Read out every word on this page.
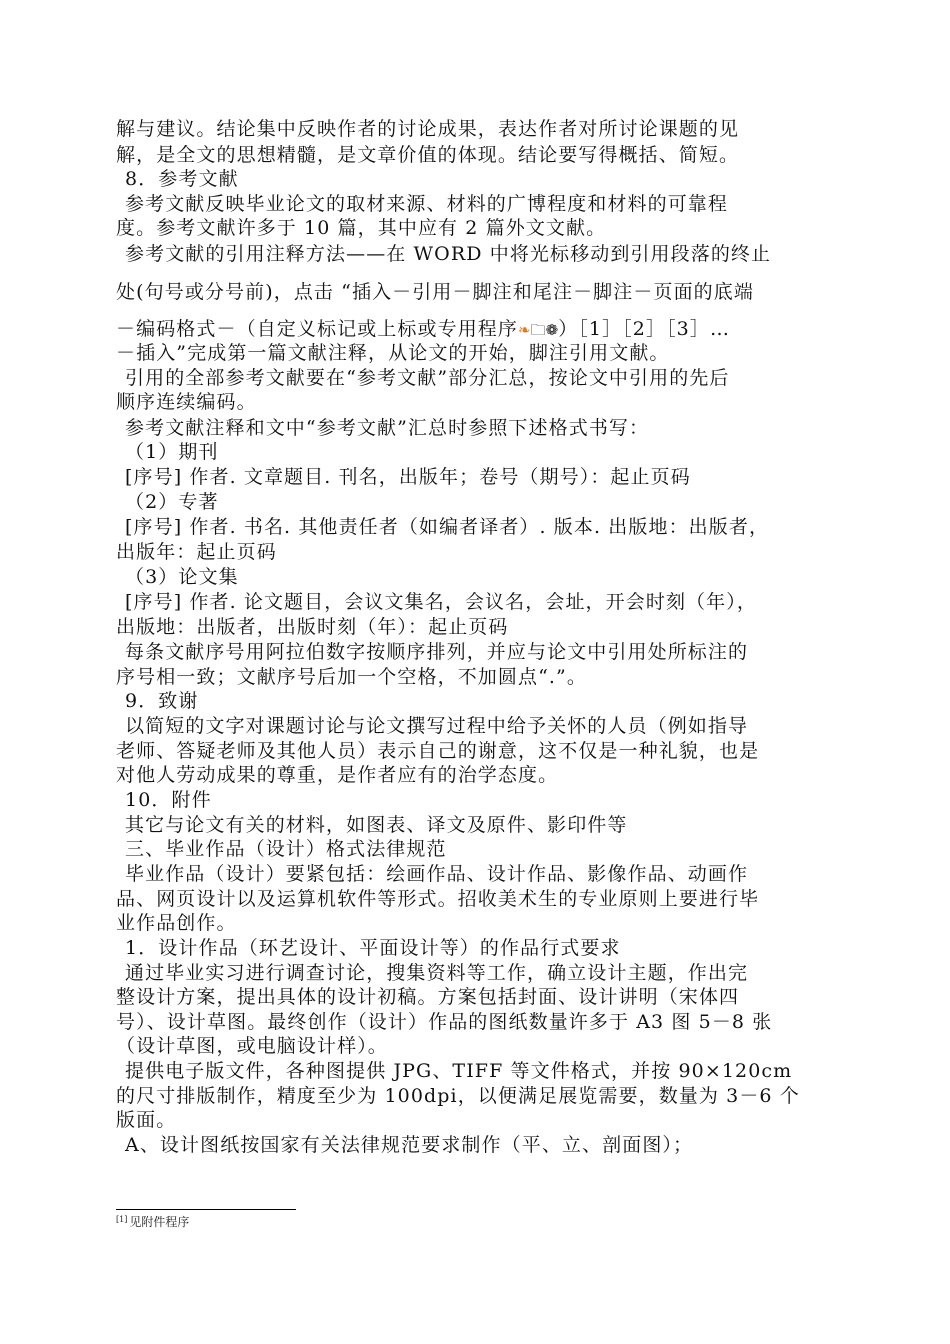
解与建议。结论集中反映作者的讨论成果，表达作者对所讨论课题的见
解，是全文的思想精髓，是文章价值的体现。结论要写得概括、简短。
8．参考文献
参考文献反映毕业论文的取材来源、材料的广博程度和材料的可靠程
度。参考文献许多于 10 篇，其中应有 2 篇外文文献。
参考文献的引用注释方法——在 WORD 中将光标移动到引用段落的终止
处(句号或分号前)，点击 “插入－引用－脚注和尾注－脚注－页面的底端
－编码格式－（自定义标记或上标或专用程序❧🗀❁）［1］［2］［3］…
－插入”完成第一篇文献注释，从论文的开始，脚注引用文献。
引用的全部参考文献要在“参考文献”部分汇总，按论文中引用的先后
顺序连续编码。
参考文献注释和文中“参考文献”汇总时参照下述格式书写：
（1）期刊
[序号] 作者. 文章题目. 刊名，出版年；卷号（期号）：起止页码
（2）专著
[序号] 作者. 书名. 其他责任者（如编者译者）. 版本. 出版地：出版者，
出版年：起止页码
（3）论文集
[序号] 作者. 论文题目，会议文集名，会议名，会址，开会时刻（年），
出版地：出版者，出版时刻（年）：起止页码
每条文献序号用阿拉伯数字按顺序排列，并应与论文中引用处所标注的
序号相一致；文献序号后加一个空格，不加圆点“.”。
9．致谢
以简短的文字对课题讨论与论文撰写过程中给予关怀的人员（例如指导
老师、答疑老师及其他人员）表示自己的谢意，这不仅是一种礼貌，也是
对他人劳动成果的尊重，是作者应有的治学态度。
10．附件
其它与论文有关的材料，如图表、译文及原件、影印件等
三、毕业作品（设计）格式法律规范
毕业作品（设计）要紧包括：绘画作品、设计作品、影像作品、动画作
品、网页设计以及运算机软件等形式。招收美术生的专业原则上要进行毕
业作品创作。
1．设计作品（环艺设计、平面设计等）的作品行式要求
通过毕业实习进行调查讨论，搜集资料等工作，确立设计主题，作出完
整设计方案，提出具体的设计初稿。方案包括封面、设计讲明（宋体四
号）、设计草图。最终创作（设计）作品的图纸数量许多于 A3 图 5－8 张
（设计草图，或电脑设计样）。
提供电子版文件，各种图提供 JPG、TIFF 等文件格式，并按 90×120cm
的尺寸排版制作，精度至少为 100dpi，以便满足展览需要，数量为 3－6 个
版面。
A、设计图纸按国家有关法律规范要求制作（平、立、剖面图）；
[1] 见附件程序
